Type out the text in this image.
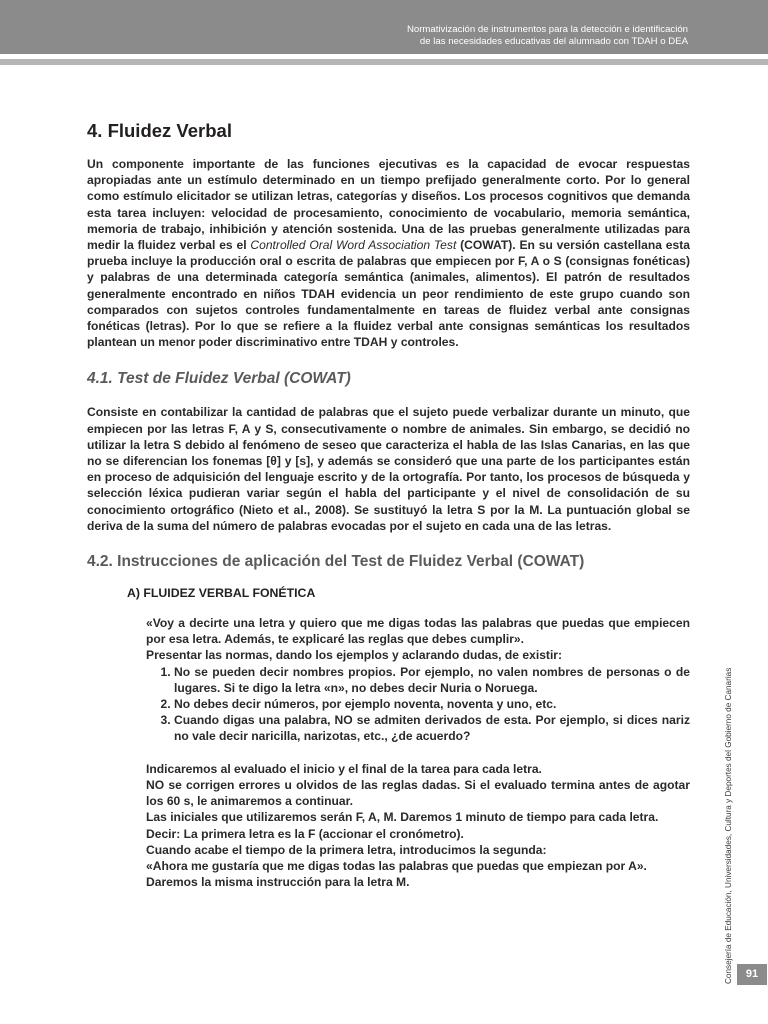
Normativización de instrumentos para la detección e identificación
de las necesidades educativas del alumnado con TDAH o DEA
4. Fluidez Verbal

Un componente importante de las funciones ejecutivas es la capacidad de evocar respuestas apropiadas ante un estímulo determinado en un tiempo prefijado generalmente corto. Por lo general como estímulo elicitador se utilizan letras, categorías y diseños. Los procesos cognitivos que demanda esta tarea incluyen: velocidad de procesamiento, conocimiento de vocabulario, memoria semántica, memoria de trabajo, inhibición y atención sostenida. Una de las pruebas generalmente utilizadas para medir la fluidez verbal es el Controlled Oral Word Association Test (COWAT). En su versión castellana esta prueba incluye la producción oral o escrita de palabras que empiecen por F, A o S (consignas fonéticas) y palabras de una determinada categoría semántica (animales, alimentos). El patrón de resultados generalmente encontrado en niños TDAH evidencia un peor rendimiento de este grupo cuando son comparados con sujetos controles fundamentalmente en tareas de fluidez verbal ante consignas fonéticas (letras). Por lo que se refiere a la fluidez verbal ante consignas semánticas los resultados plantean un menor poder discriminativo entre TDAH y controles.

4.1. Test de Fluidez Verbal (COWAT)

Consiste en contabilizar la cantidad de palabras que el sujeto puede verbalizar durante un minuto, que empiecen por las letras F, A y S, consecutivamente o nombre de animales. Sin embargo, se decidió no utilizar la letra S debido al fenómeno de seseo que caracteriza el habla de las Islas Canarias, en las que no se diferencian los fonemas [θ] y [s], y además se consideró que una parte de los participantes están en proceso de adquisición del lenguaje escrito y de la ortografía. Por tanto, los procesos de búsqueda y selección léxica pudieran variar según el habla del participante y el nivel de consolidación de su conocimiento ortográfico (Nieto et al., 2008). Se sustituyó la letra S por la M. La puntuación global se deriva de la suma del número de palabras evocadas por el sujeto en cada una de las letras.

4.2. Instrucciones de aplicación del Test de Fluidez Verbal (COWAT)
A) FLUIDEZ VERBAL FONÉTICA

«Voy a decirte una letra y quiero que me digas todas las palabras que puedas que empiecen por esa letra. Además, te explicaré las reglas que debes cumplir».

Presentar las normas, dando los ejemplos y aclarando dudas, de existir:

1. No se pueden decir nombres propios. Por ejemplo, no valen nombres de personas o de lugares. Si te digo la letra «n», no debes decir Nuria o Noruega.
2. No debes decir números, por ejemplo noventa, noventa y uno, etc.
3. Cuando digas una palabra, NO se admiten derivados de esta. Por ejemplo, si dices nariz no vale decir naricilla, narizotas, etc., ¿de acuerdo?

Indicaremos al evaluado el inicio y el final de la tarea para cada letra.

NO se corrigen errores u olvidos de las reglas dadas. Si el evaluado termina antes de agotar los 60 s, le animaremos a continuar.

Las iniciales que utilizaremos serán F, A, M. Daremos 1 minuto de tiempo para cada letra.

Decir: La primera letra es la F (accionar el cronómetro).

Cuando acabe el tiempo de la primera letra, introducimos la segunda:

«Ahora me gustaría que me digas todas las palabras que puedas que empiezan por A».

Daremos la misma instrucción para la letra M.	Consejería de Educación, Universidades, Cultura y Deportes del Gobierno de Canarias	91
